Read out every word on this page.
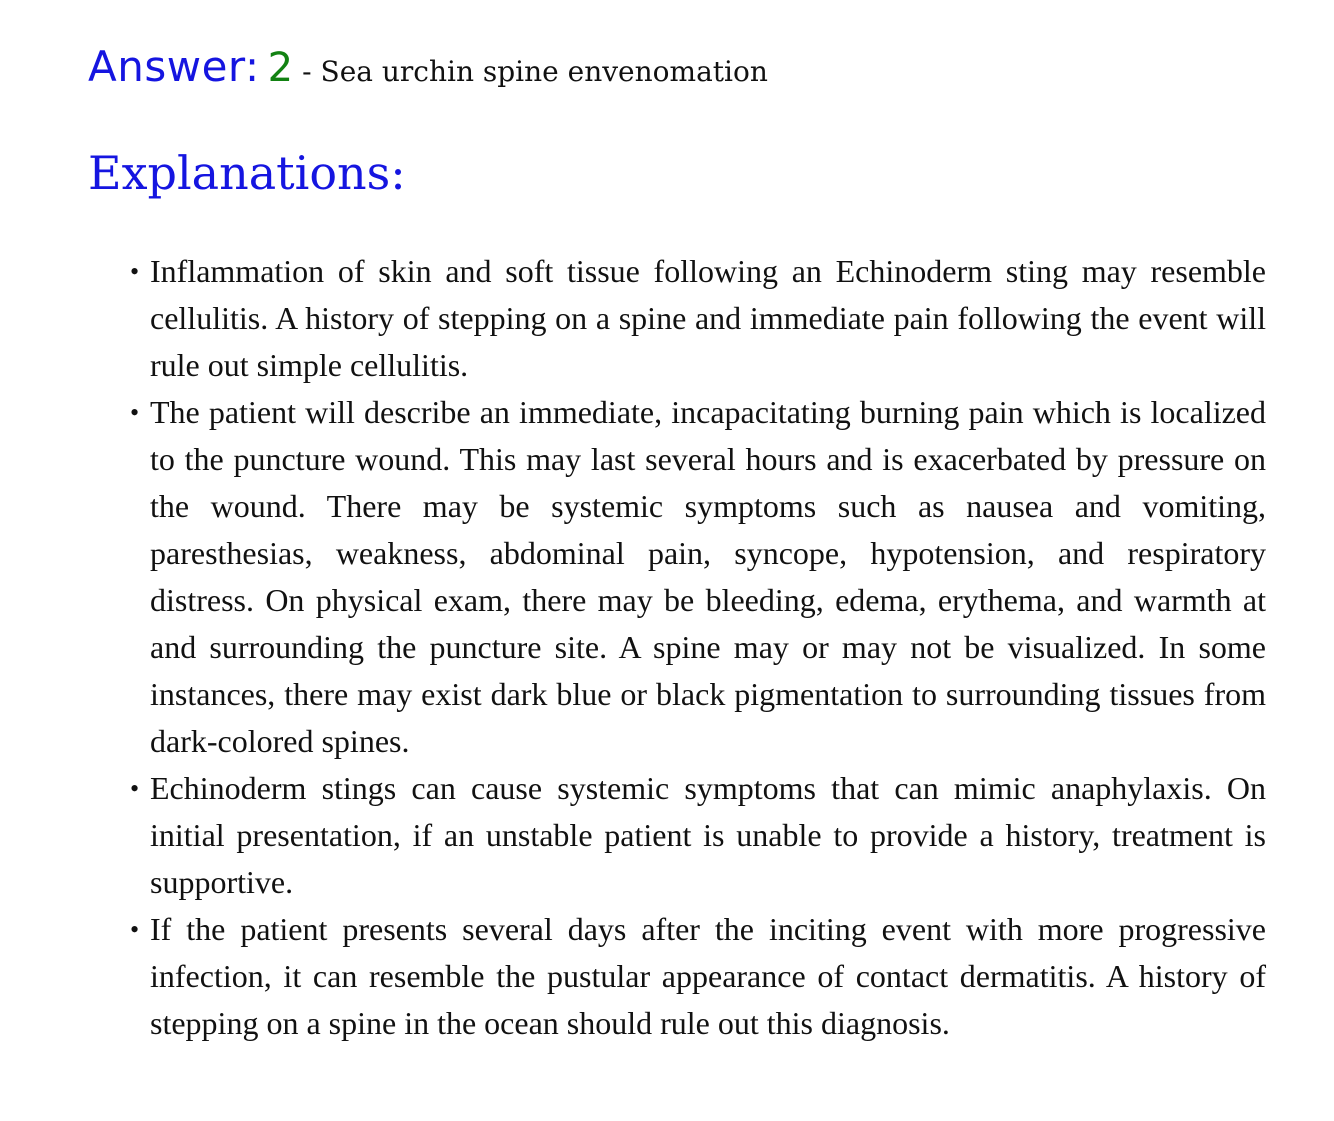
Answer: 2 - Sea urchin spine envenomation
Explanations:
• Inflammation of skin and soft tissue following an Echinoderm sting may resemble cellulitis. A history of stepping on a spine and immediate pain following the event will rule out simple cellulitis.
• The patient will describe an immediate, incapacitating burning pain which is localized to the puncture wound. This may last several hours and is exacerbated by pressure on the wound. There may be systemic symptoms such as nausea and vomiting, paresthesias, weakness, abdominal pain, syncope, hypotension, and respiratory distress. On physical exam, there may be bleeding, edema, erythema, and warmth at and surrounding the puncture site. A spine may or may not be visualized. In some instances, there may exist dark blue or black pigmentation to surrounding tissues from dark-colored spines.
• Echinoderm stings can cause systemic symptoms that can mimic anaphylaxis. On initial presentation, if an unstable patient is unable to provide a history, treatment is supportive.
• If the patient presents several days after the inciting event with more progressive infection, it can resemble the pustular appearance of contact dermatitis. A history of stepping on a spine in the ocean should rule out this diagnosis.
